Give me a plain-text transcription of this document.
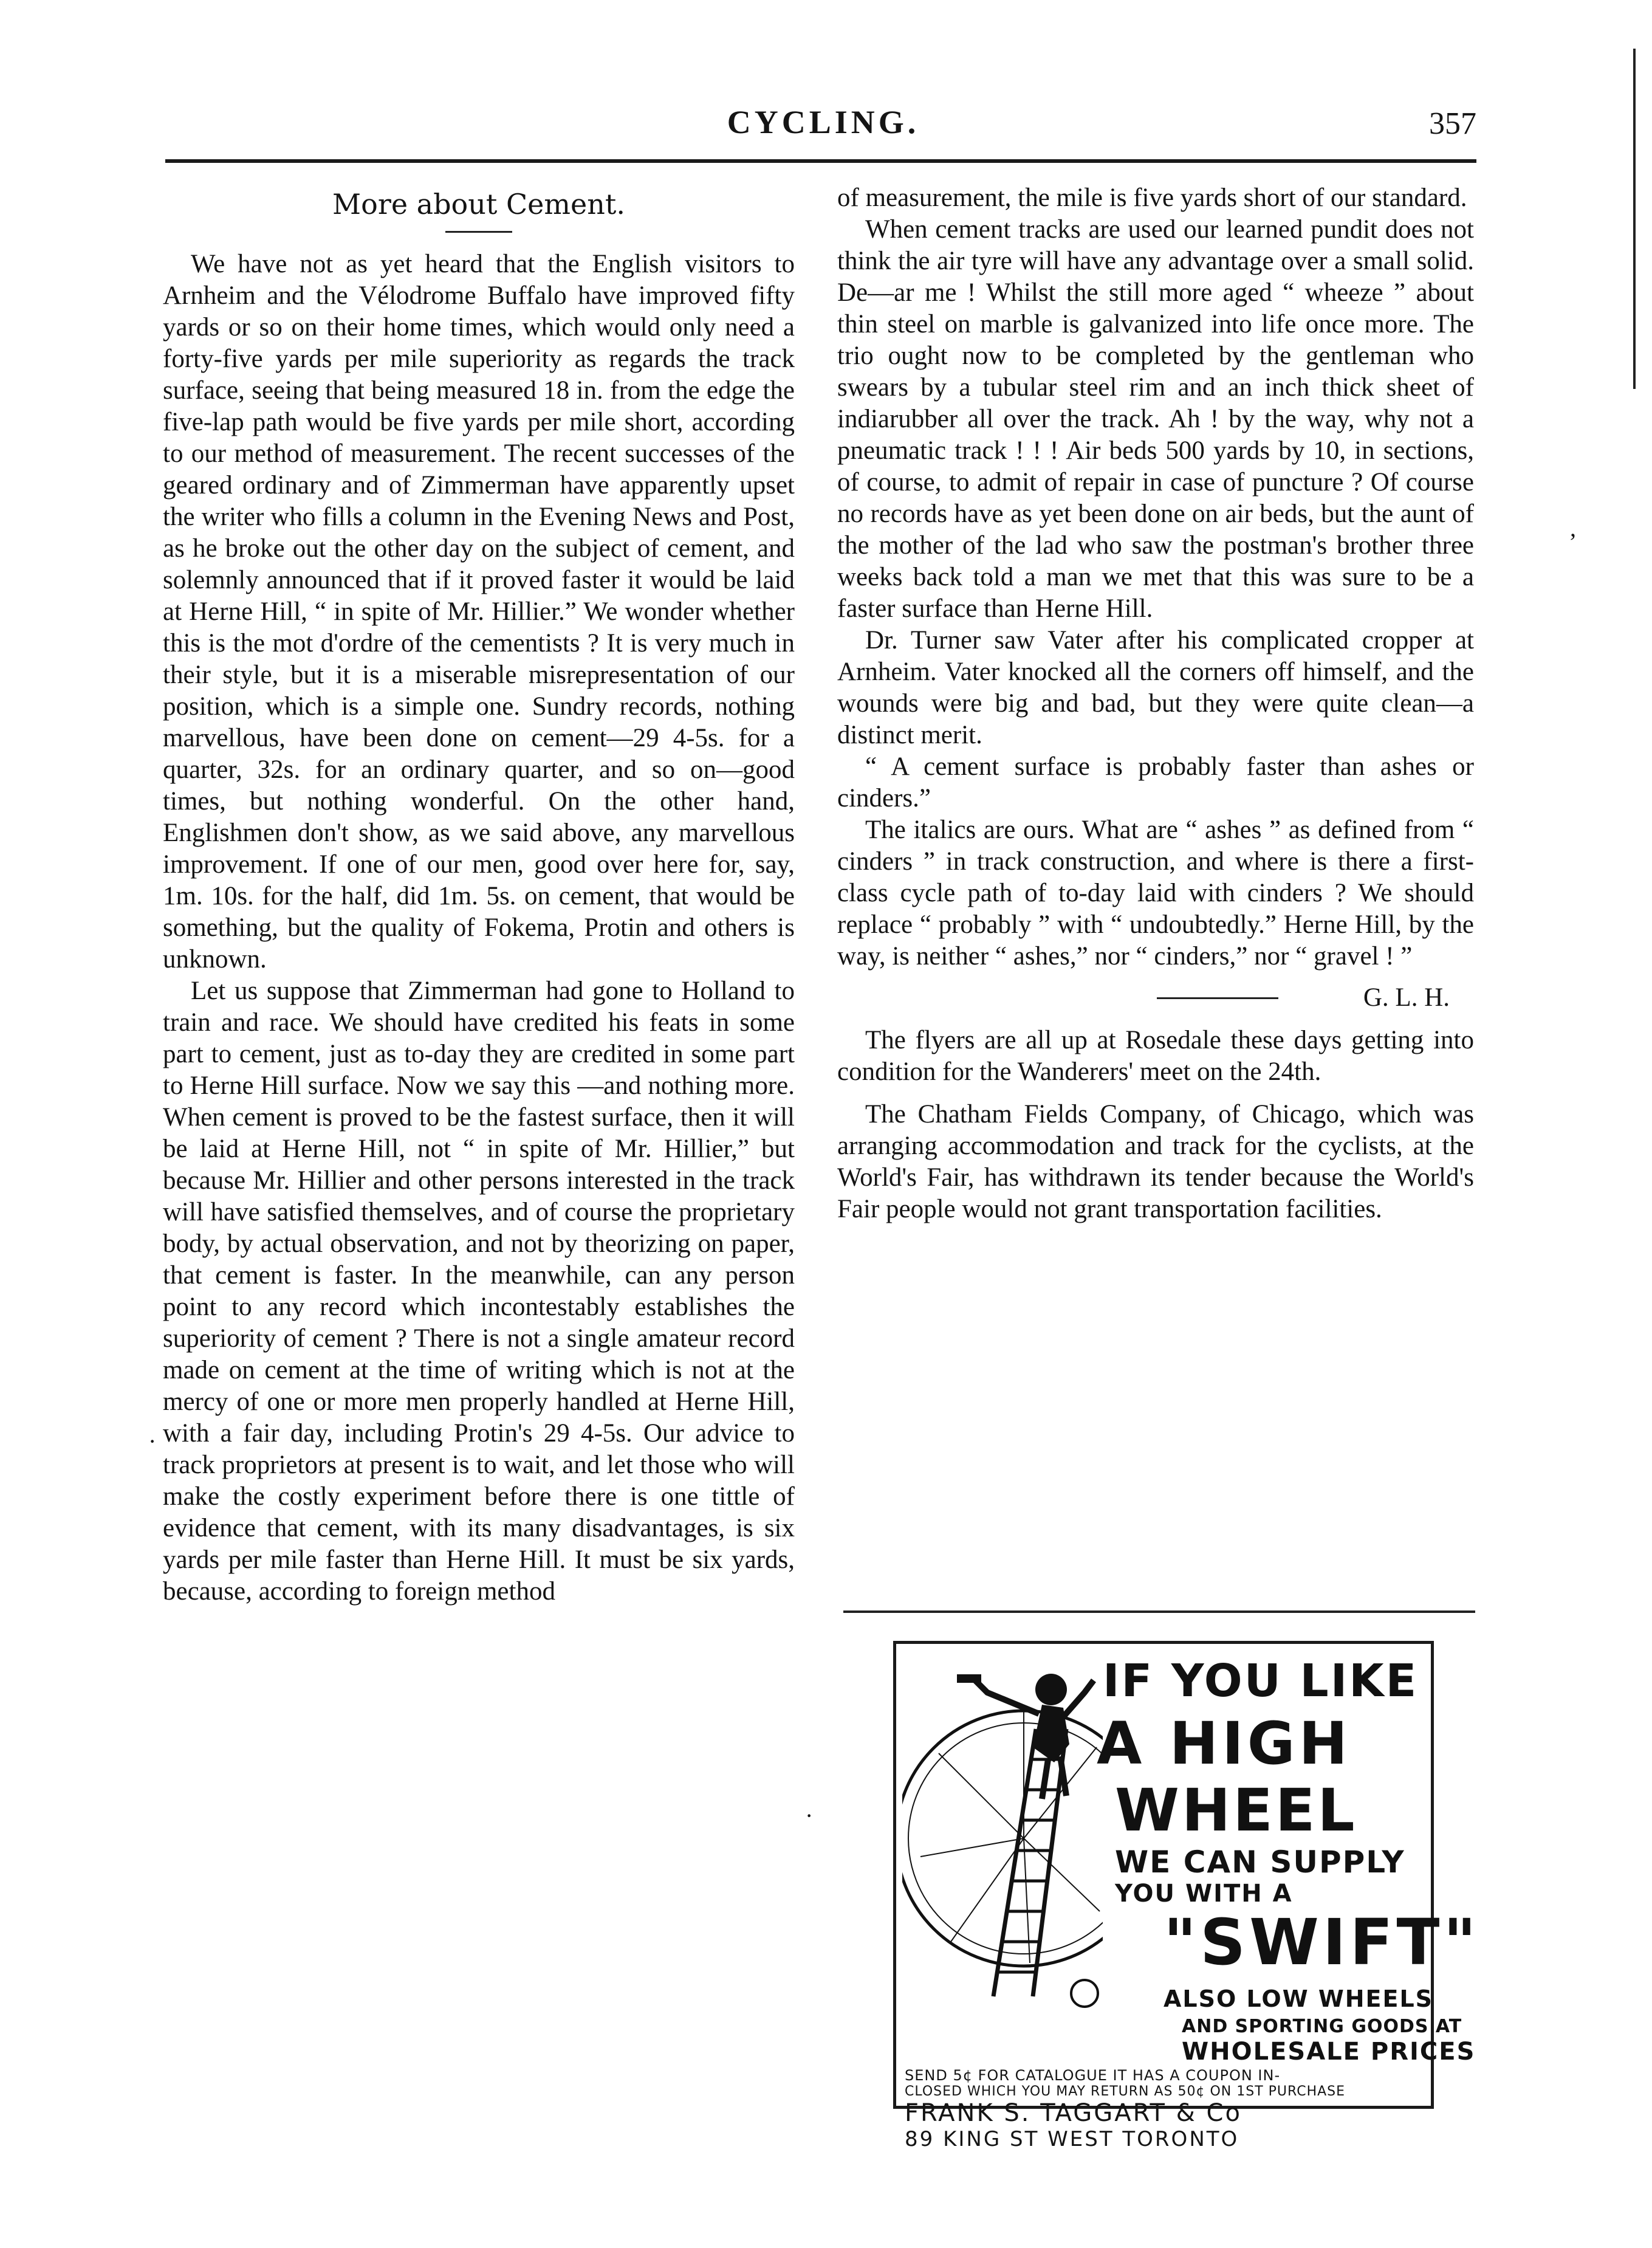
CYCLING.	357
More about Cement.

We have not as yet heard that the English visitors to Arnheim and the Vélodrome Buffalo have improved fifty yards or so on their home times, which would only need a forty-five yards per mile superiority as regards the track surface, seeing that being measured 18 in. from the edge the five-lap path would be five yards per mile short, according to our method of measurement. The recent successes of the geared ordinary and of Zimmerman have apparently upset the writer who fills a column in the Evening News and Post, as he broke out the other day on the subject of cement, and solemnly announced that if it proved faster it would be laid at Herne Hill, “ in spite of Mr. Hillier.” We wonder whether this is the mot d'ordre of the cementists ? It is very much in their style, but it is a miserable misrepresentation of our position, which is a simple one. Sundry records, nothing marvellous, have been done on cement—29 4-5s. for a quarter, 32s. for an ordinary quarter, and so on—good times, but nothing wonderful. On the other hand, Englishmen don't show, as we said above, any marvellous improvement. If one of our men, good over here for, say, 1m. 10s. for the half, did 1m. 5s. on cement, that would be something, but the quality of Fokema, Protin and others is unknown.

Let us suppose that Zimmerman had gone to Holland to train and race. We should have credited his feats in some part to cement, just as to-day they are credited in some part to Herne Hill surface. Now we say this —and nothing more. When cement is proved to be the fastest surface, then it will be laid at Herne Hill, not “ in spite of Mr. Hillier,” but because Mr. Hillier and other persons interested in the track will have satisfied themselves, and of course the proprietary body, by actual observation, and not by theorizing on paper, that cement is faster. In the meanwhile, can any person point to any record which incontestably establishes the superiority of cement ? There is not a single amateur record made on cement at the time of writing which is not at the mercy of one or more men properly handled at Herne Hill, with a fair day, including Protin's 29 4-5s. Our advice to track proprietors at present is to wait, and let those who will make the costly experiment before there is one tittle of evidence that cement, with its many disadvantages, is six yards per mile faster than Herne Hill. It must be six yards, because, according to foreign method

of measurement, the mile is five yards short of our standard.

When cement tracks are used our learned pundit does not think the air tyre will have any advantage over a small solid. De—ar me ! Whilst the still more aged “ wheeze ” about thin steel on marble is galvanized into life once more. The trio ought now to be completed by the gentleman who swears by a tubular steel rim and an inch thick sheet of indiarubber all over the track. Ah ! by the way, why not a pneumatic track ! ! ! Air beds 500 yards by 10, in sections, of course, to admit of repair in case of puncture ? Of course no records have as yet been done on air beds, but the aunt of the mother of the lad who saw the postman's brother three weeks back told a man we met that this was sure to be a faster surface than Herne Hill.

Dr. Turner saw Vater after his complicated cropper at Arnheim. Vater knocked all the corners off himself, and the wounds were big and bad, but they were quite clean—a distinct merit.

“ A cement surface is probably faster than ashes or cinders.”

The italics are ours. What are “ ashes ” as defined from “ cinders ” in track construction, and where is there a first-class cycle path of to-day laid with cinders ? We should replace “ probably ” with “ undoubtedly.” Herne Hill, by the way, is neither “ ashes,” nor “ cinders,” nor “ gravel ! ”

G. L. H.

The flyers are all up at Rosedale these days getting into condition for the Wanderers' meet on the 24th.

The Chatham Fields Company, of Chicago, which was arranging accommodation and track for the cyclists, at the World's Fair, has withdrawn its tender because the World's Fair people would not grant transportation facilities.

IF YOU LIKE
A HIGH
WHEEL
WE CAN SUPPLY
YOU WITH A
"SWIFT"
ALSO LOW WHEELS
AND SPORTING GOODS AT
WHOLESALE PRICES
SEND 5¢ FOR CATALOGUE IT HAS A COUPON IN-
CLOSED WHICH YOU MAY RETURN AS 50¢ ON 1ST PURCHASE
FRANK S. TAGGART & Co
89 KING ST WEST TORONTO
’
·
·
